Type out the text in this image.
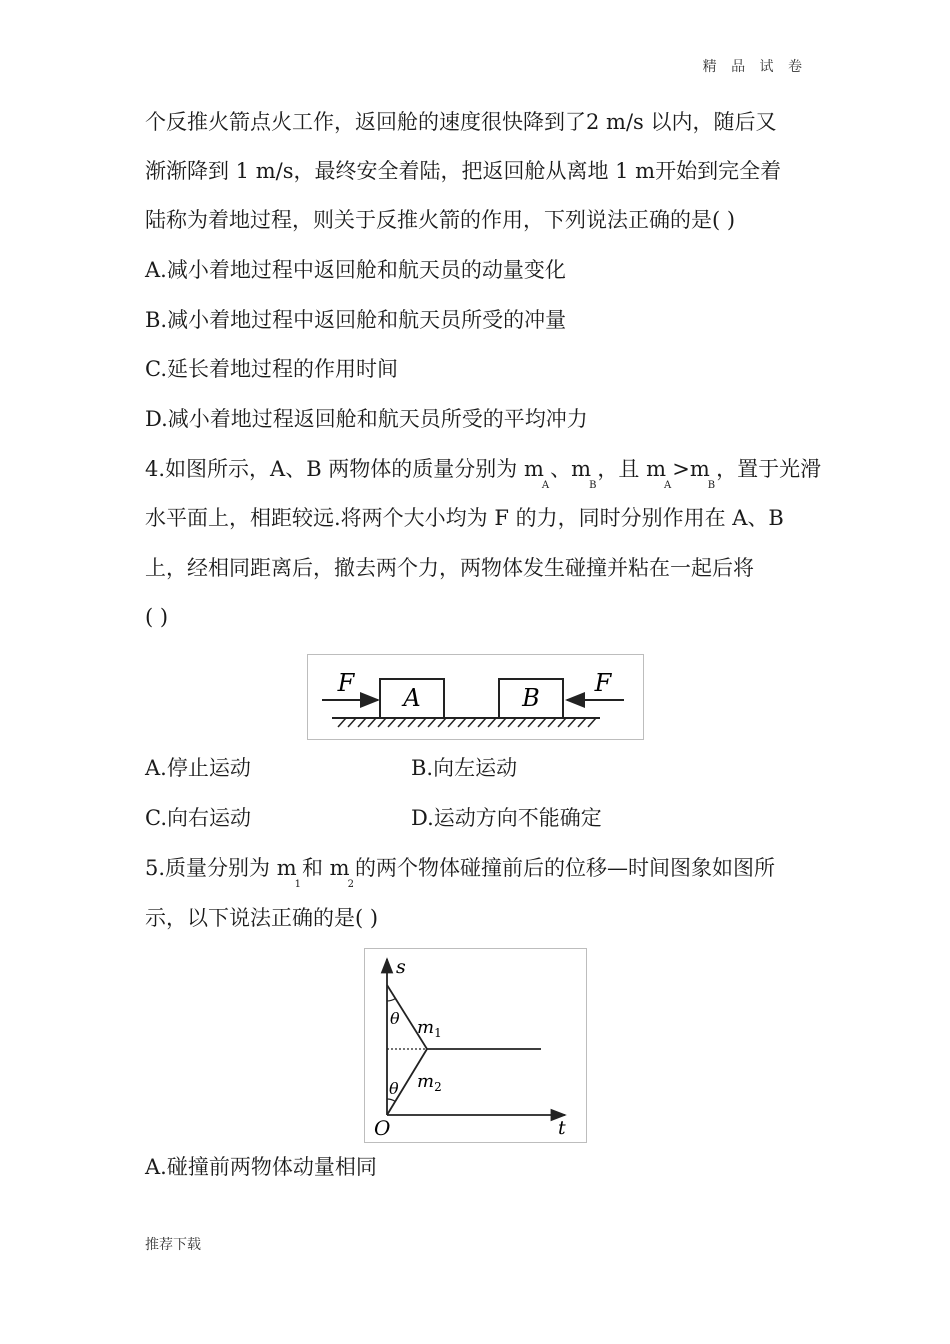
精 品 试 卷
个反推火箭点火工作，返回舱的速度很快降到了2 m/s 以内，随后又
渐渐降到 1 m/s，最终安全着陆，把返回舱从离地 1 m开始到完全着
陆称为着地过程，则关于反推火箭的作用，下列说法正确的是( )
A.减小着地过程中返回舱和航天员的动量变化
B.减小着地过程中返回舱和航天员所受的冲量
C.延长着地过程的作用时间
D.减小着地过程返回舱和航天员所受的平均冲力
4.如图所示，A、B 两物体的质量分别为 $m_A$、$m_B$，且 $m_A>m_B$，置于光滑
水平面上，相距较远.将两个大小均为 F 的力，同时分别作用在 A、B
上，经相同距离后，撤去两个力，两物体发生碰撞并粘在一起后将
( )
A	B
F	F
A.停止运动	B.向左运动
C.向右运动	D.运动方向不能确定
5.质量分别为 $m_1$和 $m_2$的两个物体碰撞前后的位移—时间图象如图所
示，以下说法正确的是( )
s
t
O
θ
θ
$m_1$
$m_2$
A.碰撞前两物体动量相同
推荐下载
